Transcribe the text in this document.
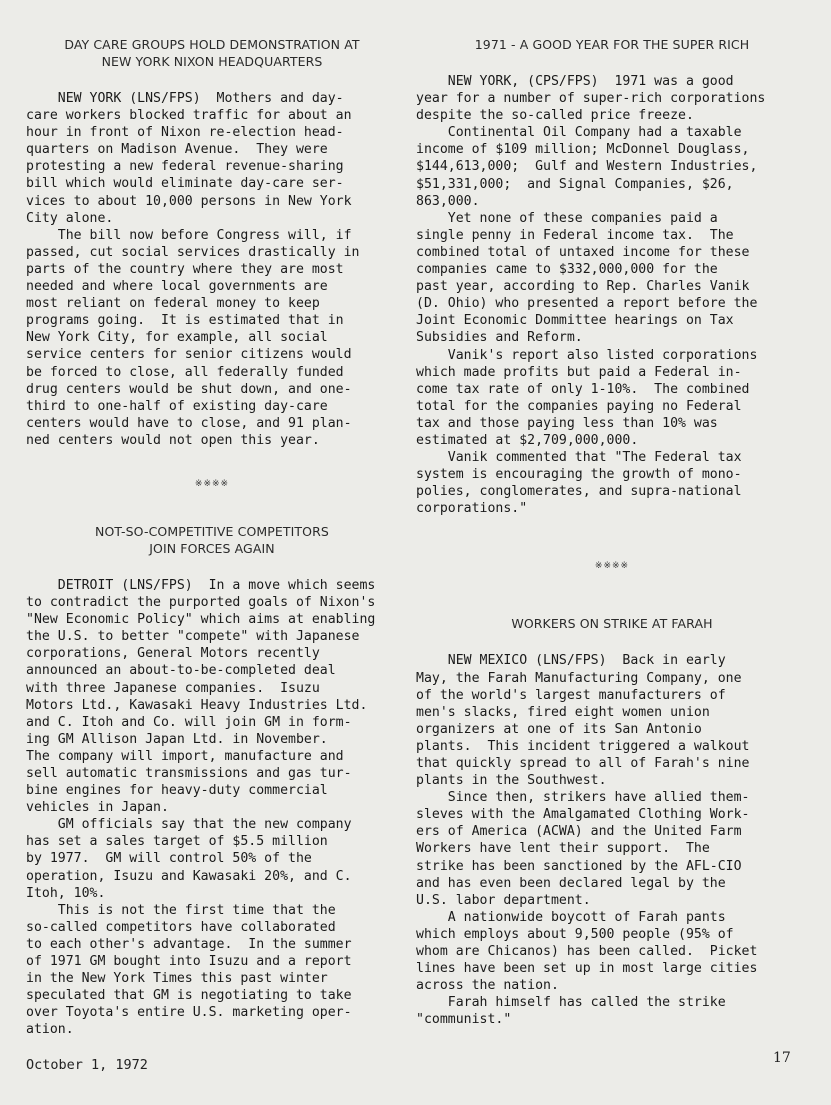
DAY CARE GROUPS HOLD DEMONSTRATION AT
NEW YORK NIXON HEADQUARTERS

NEW YORK (LNS/FPS)  Mothers and day-
care workers blocked traffic for about an
hour in front of Nixon re-election head-
quarters on Madison Avenue.  They were
protesting a new federal revenue-sharing
bill which would eliminate day-care ser-
vices to about 10,000 persons in New York
City alone.
The bill now before Congress will, if
passed, cut social services drastically in
parts of the country where they are most
needed and where local governments are
most reliant on federal money to keep
programs going.  It is estimated that in
New York City, for example, all social
service centers for senior citizens would
be forced to close, all federally funded
drug centers would be shut down, and one-
third to one-half of existing day-care
centers would have to close, and 91 plan-
ned centers would not open this year.

※※※※
NOT-SO-COMPETITIVE COMPETITORS
JOIN FORCES AGAIN

DETROIT (LNS/FPS)  In a move which seems
to contradict the purported goals of Nixon's
"New Economic Policy" which aims at enabling
the U.S. to better "compete" with Japanese
corporations, General Motors recently
announced an about-to-be-completed deal
with three Japanese companies.  Isuzu
Motors Ltd., Kawasaki Heavy Industries Ltd.
and C. Itoh and Co. will join GM in form-
ing GM Allison Japan Ltd. in November.
The company will import, manufacture and
sell automatic transmissions and gas tur-
bine engines for heavy-duty commercial
vehicles in Japan.
GM officials say that the new company
has set a sales target of $5.5 million
by 1977.  GM will control 50% of the
operation, Isuzu and Kawasaki 20%, and C.
Itoh, 10%.
This is not the first time that the
so-called competitors have collaborated
to each other's advantage.  In the summer
of 1971 GM bought into Isuzu and a report
in the New York Times this past winter
speculated that GM is negotiating to take
over Toyota's entire U.S. marketing oper-
ation.

1971 - A GOOD YEAR FOR THE SUPER RICH

NEW YORK, (CPS/FPS)  1971 was a good
year for a number of super-rich corporations
despite the so-called price freeze.
Continental Oil Company had a taxable
income of $109 million; McDonnel Douglass,
$144,613,000;  Gulf and Western Industries,
$51,331,000;  and Signal Companies, $26,
863,000.
Yet none of these companies paid a
single penny in Federal income tax.  The
combined total of untaxed income for these
companies came to $332,000,000 for the
past year, according to Rep. Charles Vanik
(D. Ohio) who presented a report before the
Joint Economic Dommittee hearings on Tax
Subsidies and Reform.
Vanik's report also listed corporations
which made profits but paid a Federal in-
come tax rate of only 1-10%.  The combined
total for the companies paying no Federal
tax and those paying less than 10% was
estimated at $2,709,000,000.
Vanik commented that "The Federal tax
system is encouraging the growth of mono-
polies, conglomerates, and supra-national
corporations."

※※※※
WORKERS ON STRIKE AT FARAH

NEW MEXICO (LNS/FPS)  Back in early
May, the Farah Manufacturing Company, one
of the world's largest manufacturers of
men's slacks, fired eight women union
organizers at one of its San Antonio
plants.  This incident triggered a walkout
that quickly spread to all of Farah's nine
plants in the Southwest.
Since then, strikers have allied them-
sleves with the Amalgamated Clothing Work-
ers of America (ACWA) and the United Farm
Workers have lent their support.  The
strike has been sanctioned by the AFL-CIO
and has even been declared legal by the
U.S. labor department.
A nationwide boycott of Farah pants
which employs about 9,500 people (95% of
whom are Chicanos) has been called.  Picket
lines have been set up in most large cities
across the nation.
Farah himself has called the strike
"communist."

October 1, 1972	17
